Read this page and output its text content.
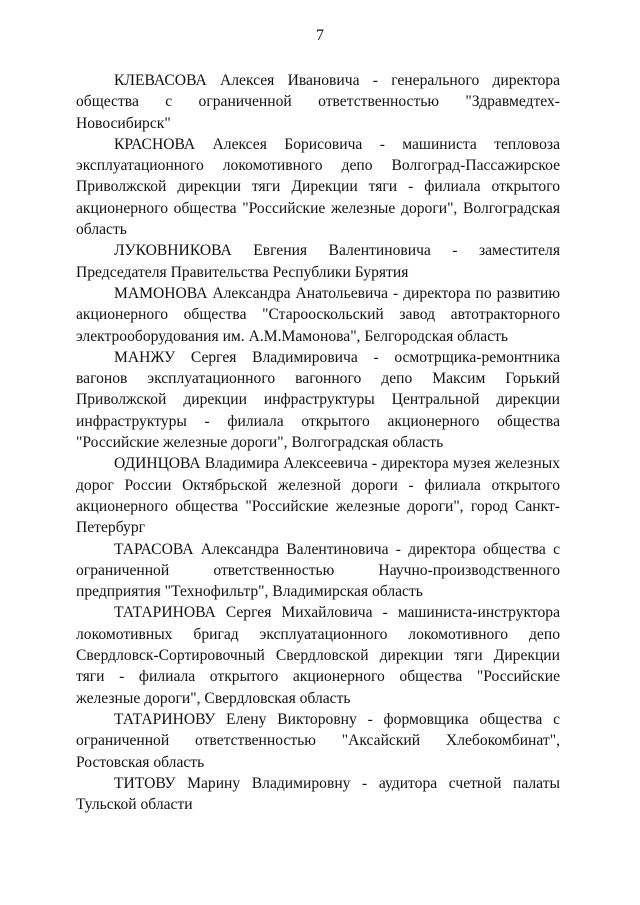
7

КЛЕВАСОВА Алексея Ивановича - генерального директора общества с ограниченной ответственностью "Здравмедтех-Новосибирск"

КРАСНОВА Алексея Борисовича - машиниста тепловоза эксплуатационного локомотивного депо Волгоград-Пассажирское Приволжской дирекции тяги Дирекции тяги - филиала открытого акционерного общества "Российские железные дороги", Волгоградская область

ЛУКОВНИКОВА Евгения Валентиновича - заместителя Председателя Правительства Республики Бурятия

МАМОНОВА Александра Анатольевича - директора по развитию акционерного общества "Старооскольский завод автотракторного электрооборудования им. А.М.Мамонова", Белгородская область

МАНЖУ Сергея Владимировича - осмотрщика-ремонтника вагонов эксплуатационного вагонного депо Максим Горький Приволжской дирекции инфраструктуры Центральной дирекции инфраструктуры - филиала открытого акционерного общества "Российские железные дороги", Волгоградская область

ОДИНЦОВА Владимира Алексеевича - директора музея железных дорог России Октябрьской железной дороги - филиала открытого акционерного общества "Российские железные дороги", город Санкт-Петербург

ТАРАСОВА Александра Валентиновича - директора общества с ограниченной ответственностью Научно-производственного предприятия "Технофильтр", Владимирская область

ТАТАРИНОВА Сергея Михайловича - машиниста-инструктора локомотивных бригад эксплуатационного локомотивного депо Свердловск-Сортировочный Свердловской дирекции тяги Дирекции тяги - филиала открытого акционерного общества "Российские железные дороги", Свердловская область

ТАТАРИНОВУ Елену Викторовну - формовщика общества с ограниченной ответственностью "Аксайский Хлебокомбинат", Ростовская область

ТИТОВУ Марину Владимировну - аудитора счетной палаты Тульской области
